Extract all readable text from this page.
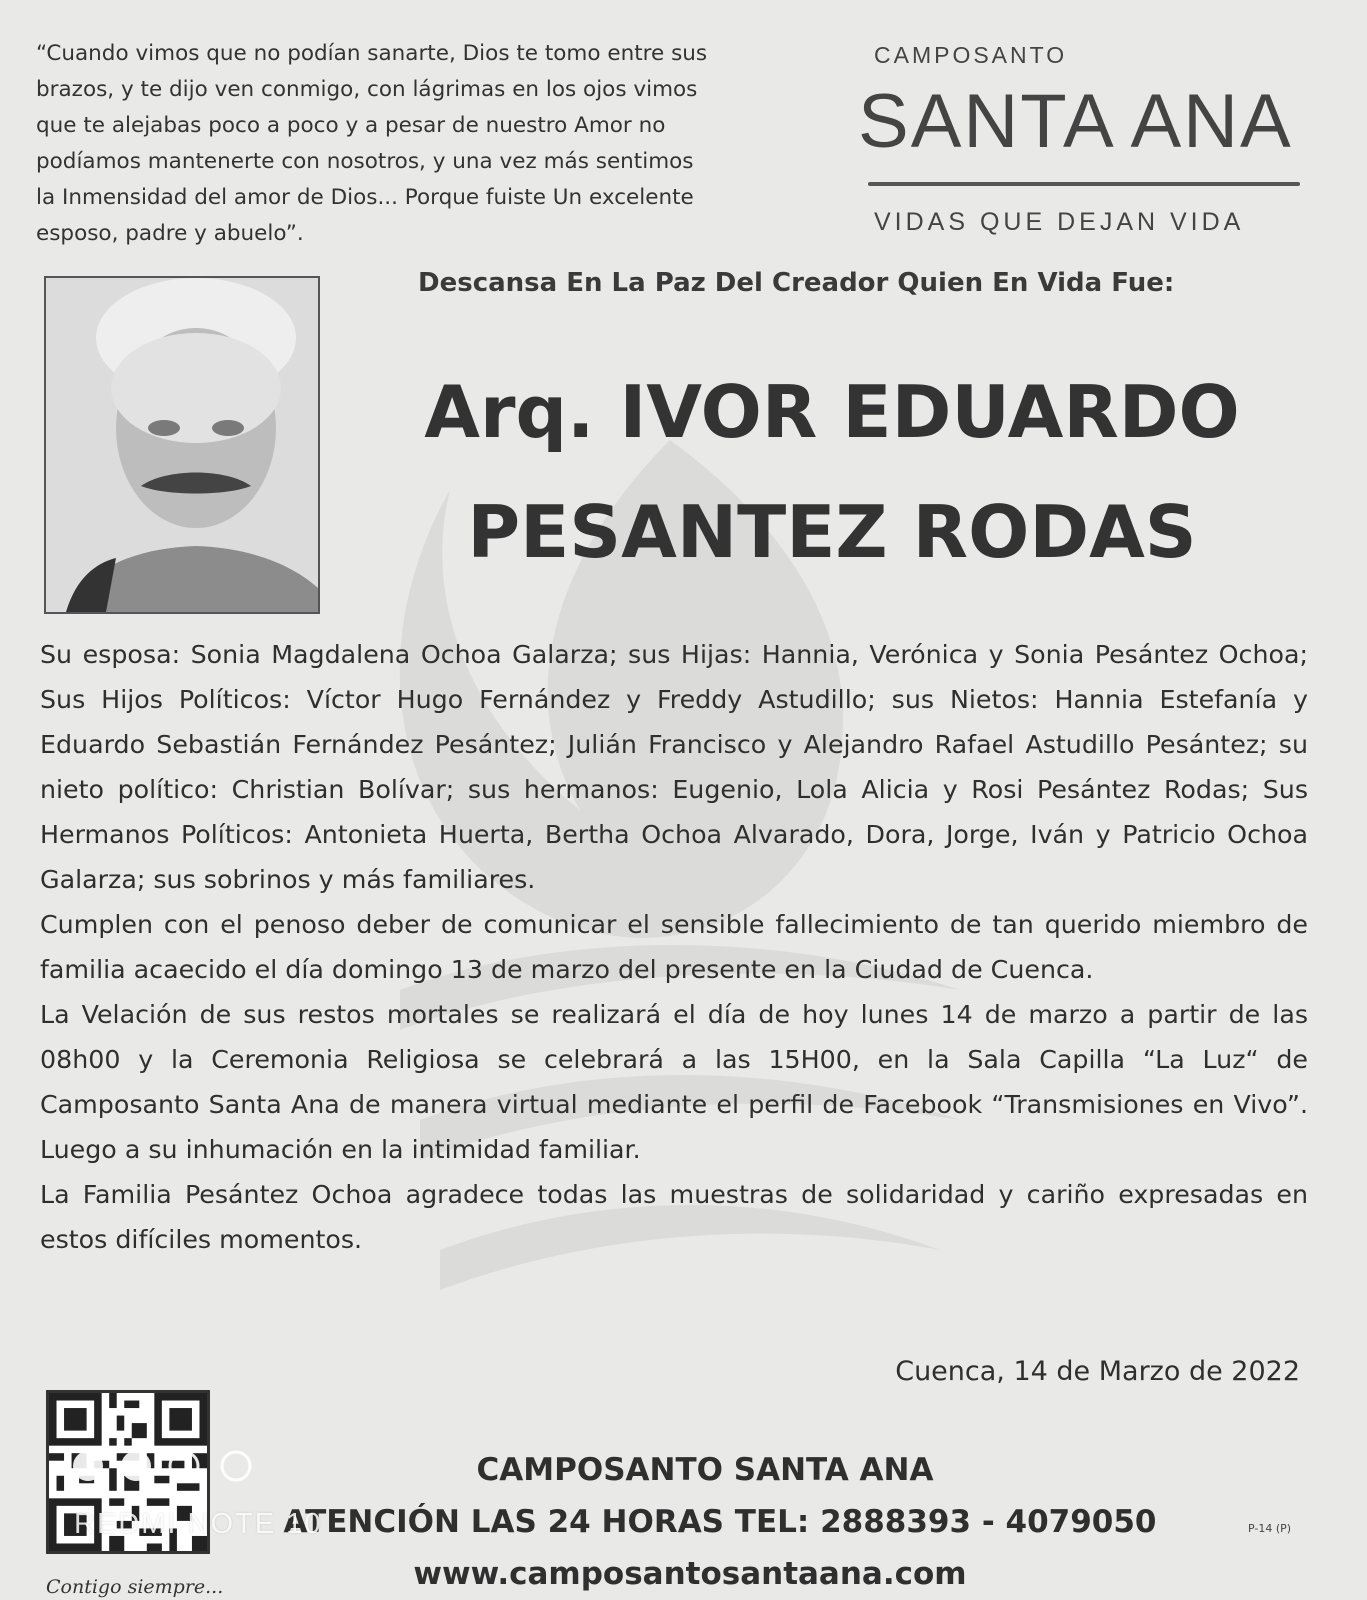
“Cuando vimos que no podían sanarte, Dios te tomo entre sus
brazos, y te dijo ven conmigo, con lágrimas en los ojos vimos
que te alejabas poco a poco y a pesar de nuestro Amor no
podíamos mantenerte con nosotros, y una vez más sentimos
la Inmensidad del amor de Dios... Porque fuiste Un excelente
esposo, padre y abuelo”.
CAMPOSANTO
SANTA ANA
VIDAS QUE DEJAN VIDA
Descansa En La Paz Del Creador Quien En Vida Fue:
Arq. IVOR EDUARDO
PESANTEZ RODAS

Su esposa: Sonia Magdalena Ochoa Galarza; sus Hijas: Hannia, Verónica y Sonia Pesántez Ochoa; Sus Hijos Políticos: Víctor Hugo Fernández y Freddy Astudillo; sus Nietos: Hannia Estefanía y Eduardo Sebastián Fernández Pesántez; Julián Francisco y Alejandro Rafael Astudillo Pesántez; su nieto político: Christian Bolívar; sus hermanos: Eugenio, Lola Alicia y Rosi Pesántez Rodas; Sus Hermanos Políticos: Antonieta Huerta, Bertha Ochoa Alvarado, Dora, Jorge, Iván y Patricio Ochoa Galarza; sus sobrinos y más familiares.

Cumplen con el penoso deber de comunicar el sensible fallecimiento de tan querido miembro de familia acaecido el día domingo 13 de marzo del presente en la Ciudad de Cuenca.

La Velación de sus restos mortales se realizará el día de hoy lunes 14 de marzo a partir de las 08h00 y la Ceremonia Religiosa se celebrará a las 15H00, en la Sala Capilla “La Luz“ de Camposanto Santa Ana de manera virtual mediante el perfil de Facebook “Transmisiones en Vivo”. Luego a su inhumación en la intimidad familiar.

La Familia Pesántez Ochoa agradece todas las muestras de solidaridad y cariño expresadas en estos difíciles momentos.

Cuenca, 14 de Marzo de 2022
Contigo siempre...
CAMPOSANTO SANTA ANA
ATENCIÓN LAS 24 HORAS TEL: 2888393 - 4079050
www.camposantosantaana.com
P-14 (P)
REDMI NOTE 10
